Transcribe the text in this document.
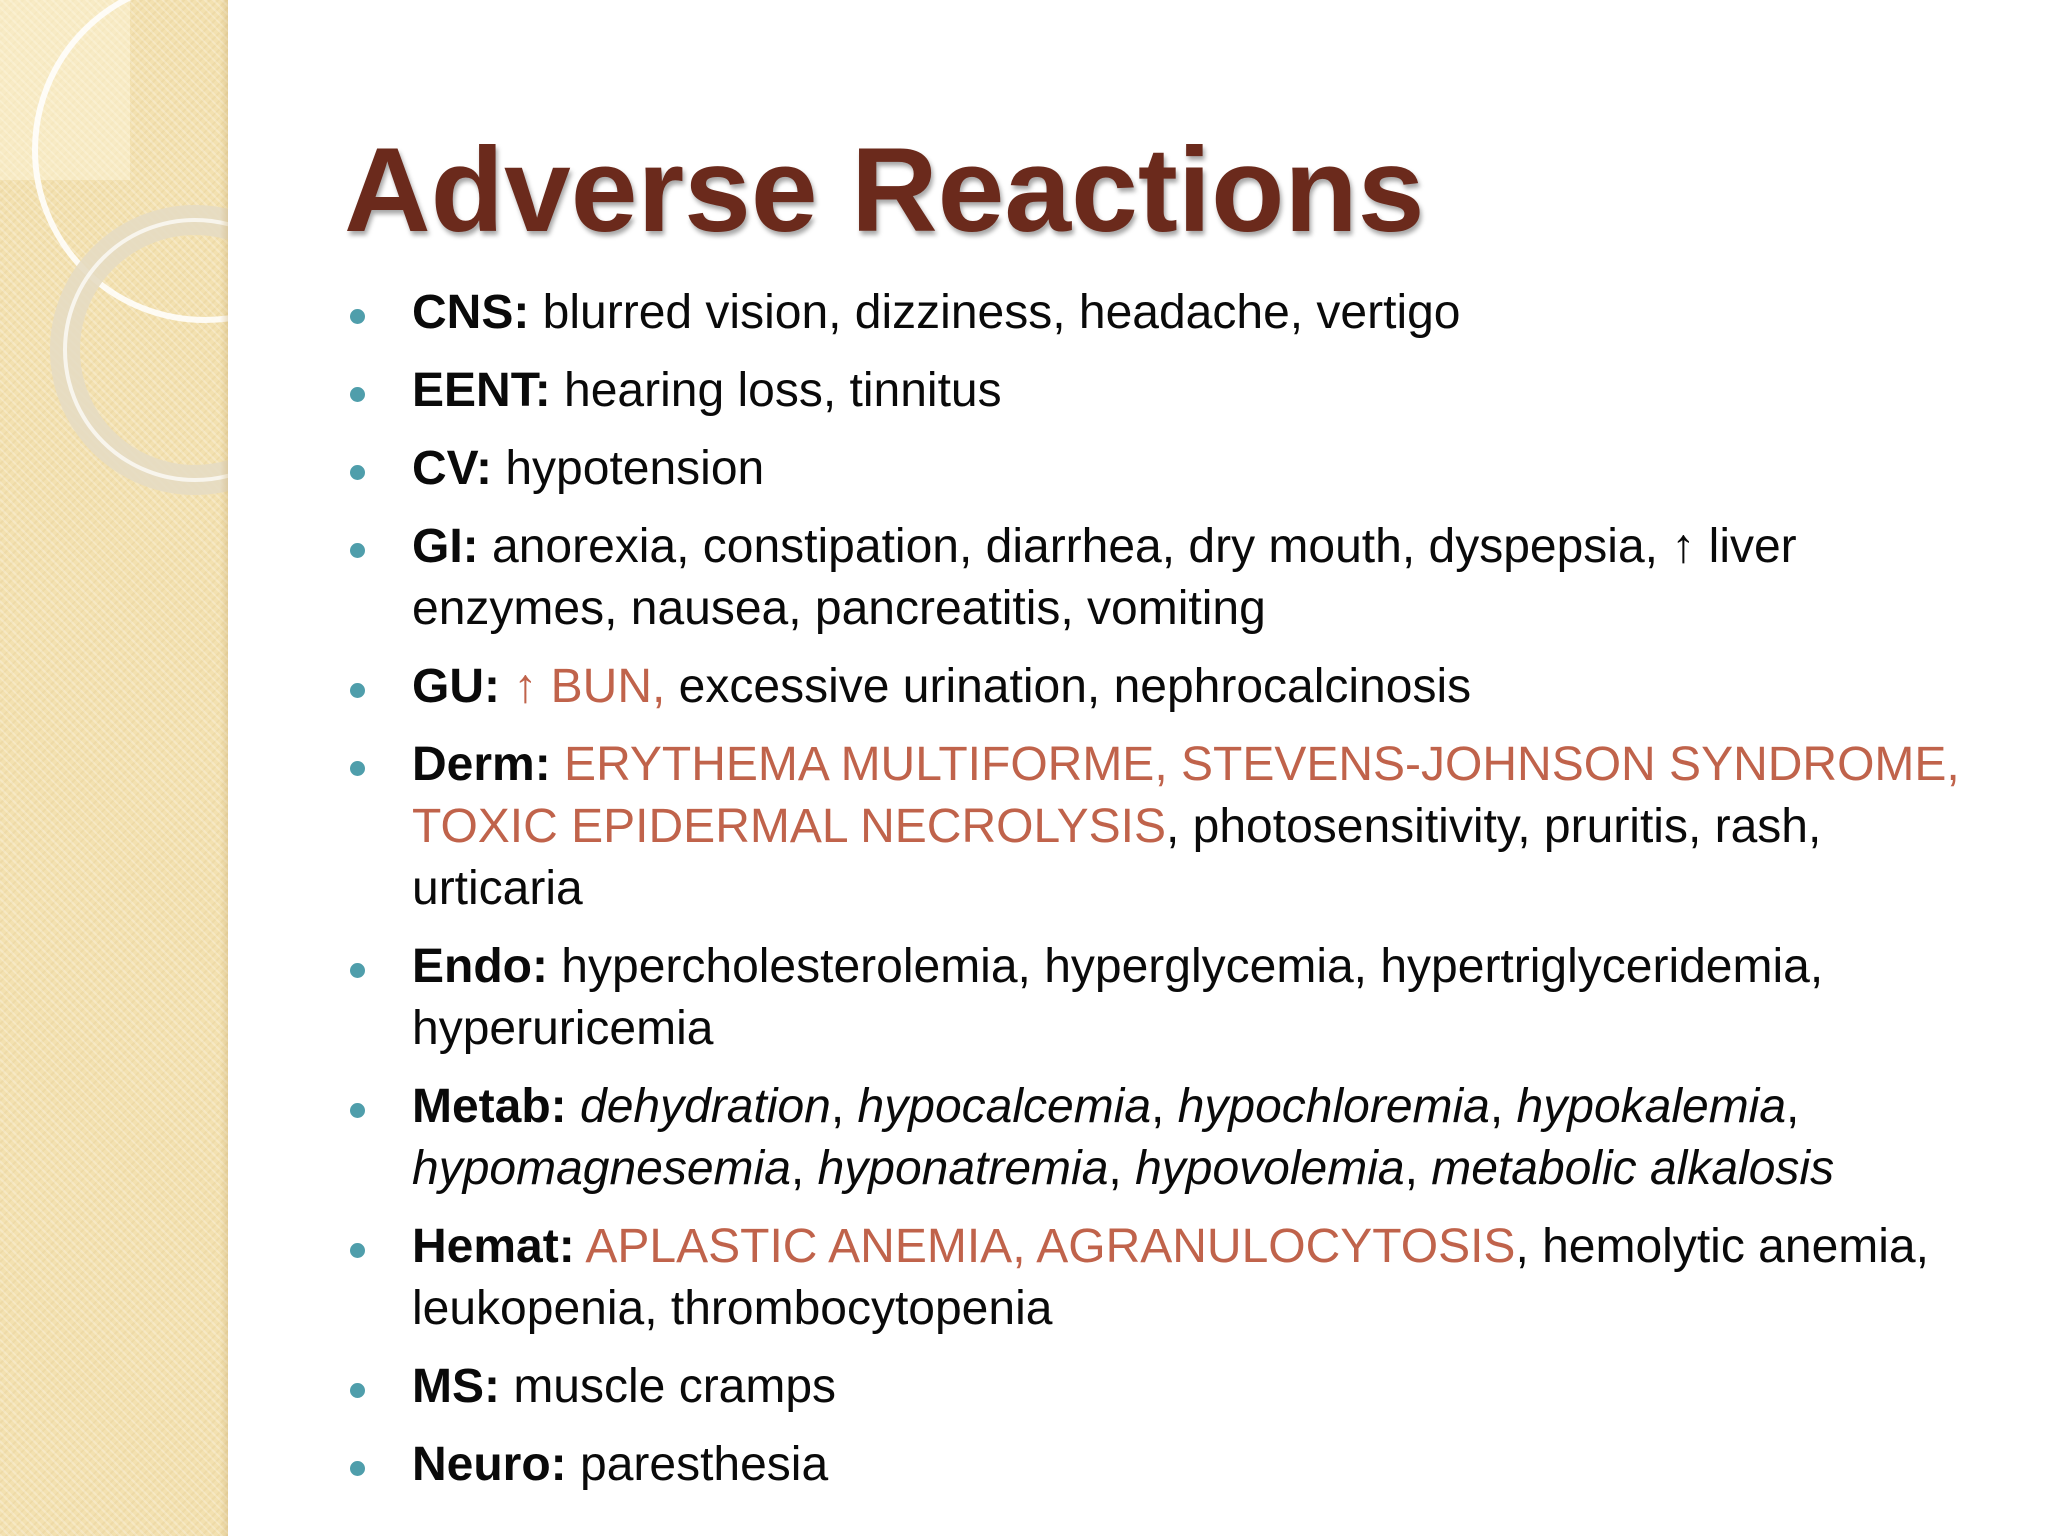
Adverse Reactions
CNS: blurred vision, dizziness, headache, vertigo
EENT: hearing loss, tinnitus
CV: hypotension
GI: anorexia, constipation, diarrhea, dry mouth, dyspepsia, ↑ liver enzymes, nausea, pancreatitis, vomiting
GU: ↑ BUN, excessive urination, nephrocalcinosis
Derm: ERYTHEMA MULTIFORME, STEVENS-JOHNSON SYNDROME, TOXIC EPIDERMAL NECROLYSIS, photosensitivity, pruritis, rash, urticaria
Endo: hypercholesterolemia, hyperglycemia, hypertriglyceridemia, hyperuricemia
Metab: dehydration, hypocalcemia, hypochloremia, hypokalemia, hypomagnesemia, hyponatremia, hypovolemia, metabolic alkalosis
Hemat: APLASTIC ANEMIA, AGRANULOCYTOSIS, hemolytic anemia, leukopenia, thrombocytopenia
MS: muscle cramps
Neuro: paresthesia
